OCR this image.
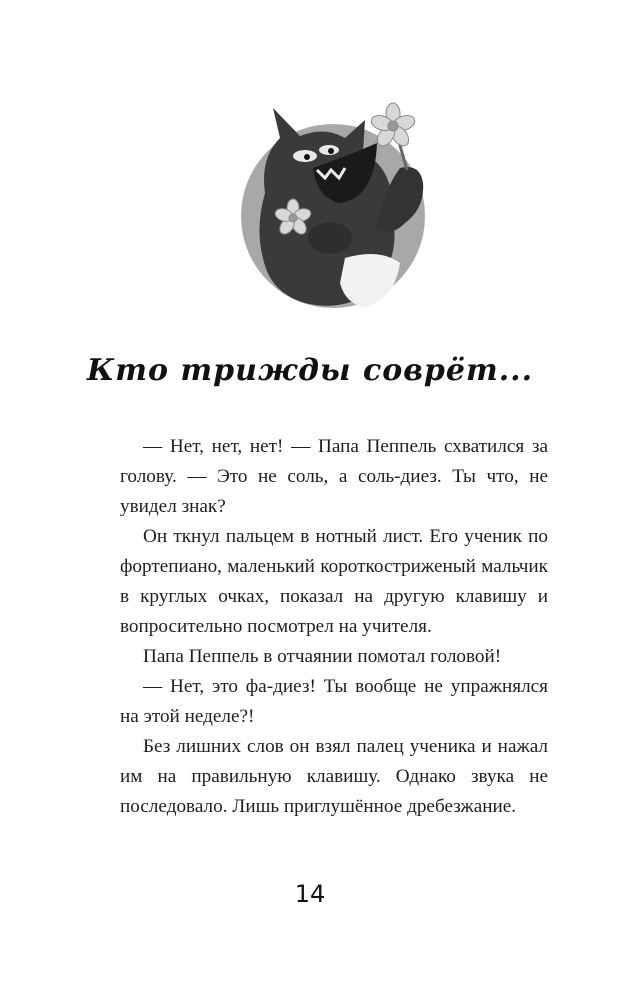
Кто трижды соврёт...

— Нет, нет, нет! — Папа Пеппель схватился за голову. — Это не соль, а соль-диез. Ты что, не увидел знак?

Он ткнул пальцем в нотный лист. Его ученик по фортепиано, маленький короткостриженый мальчик в круглых очках, показал на другую клавишу и вопросительно посмотрел на учителя.

Папа Пеппель в отчаянии помотал головой!

— Нет, это фа-диез! Ты вообще не упражнялся на этой неделе?!

Без лишних слов он взял палец ученика и нажал им на правильную клавишу. Однако звука не последовало. Лишь приглушённое дребезжание.

14
